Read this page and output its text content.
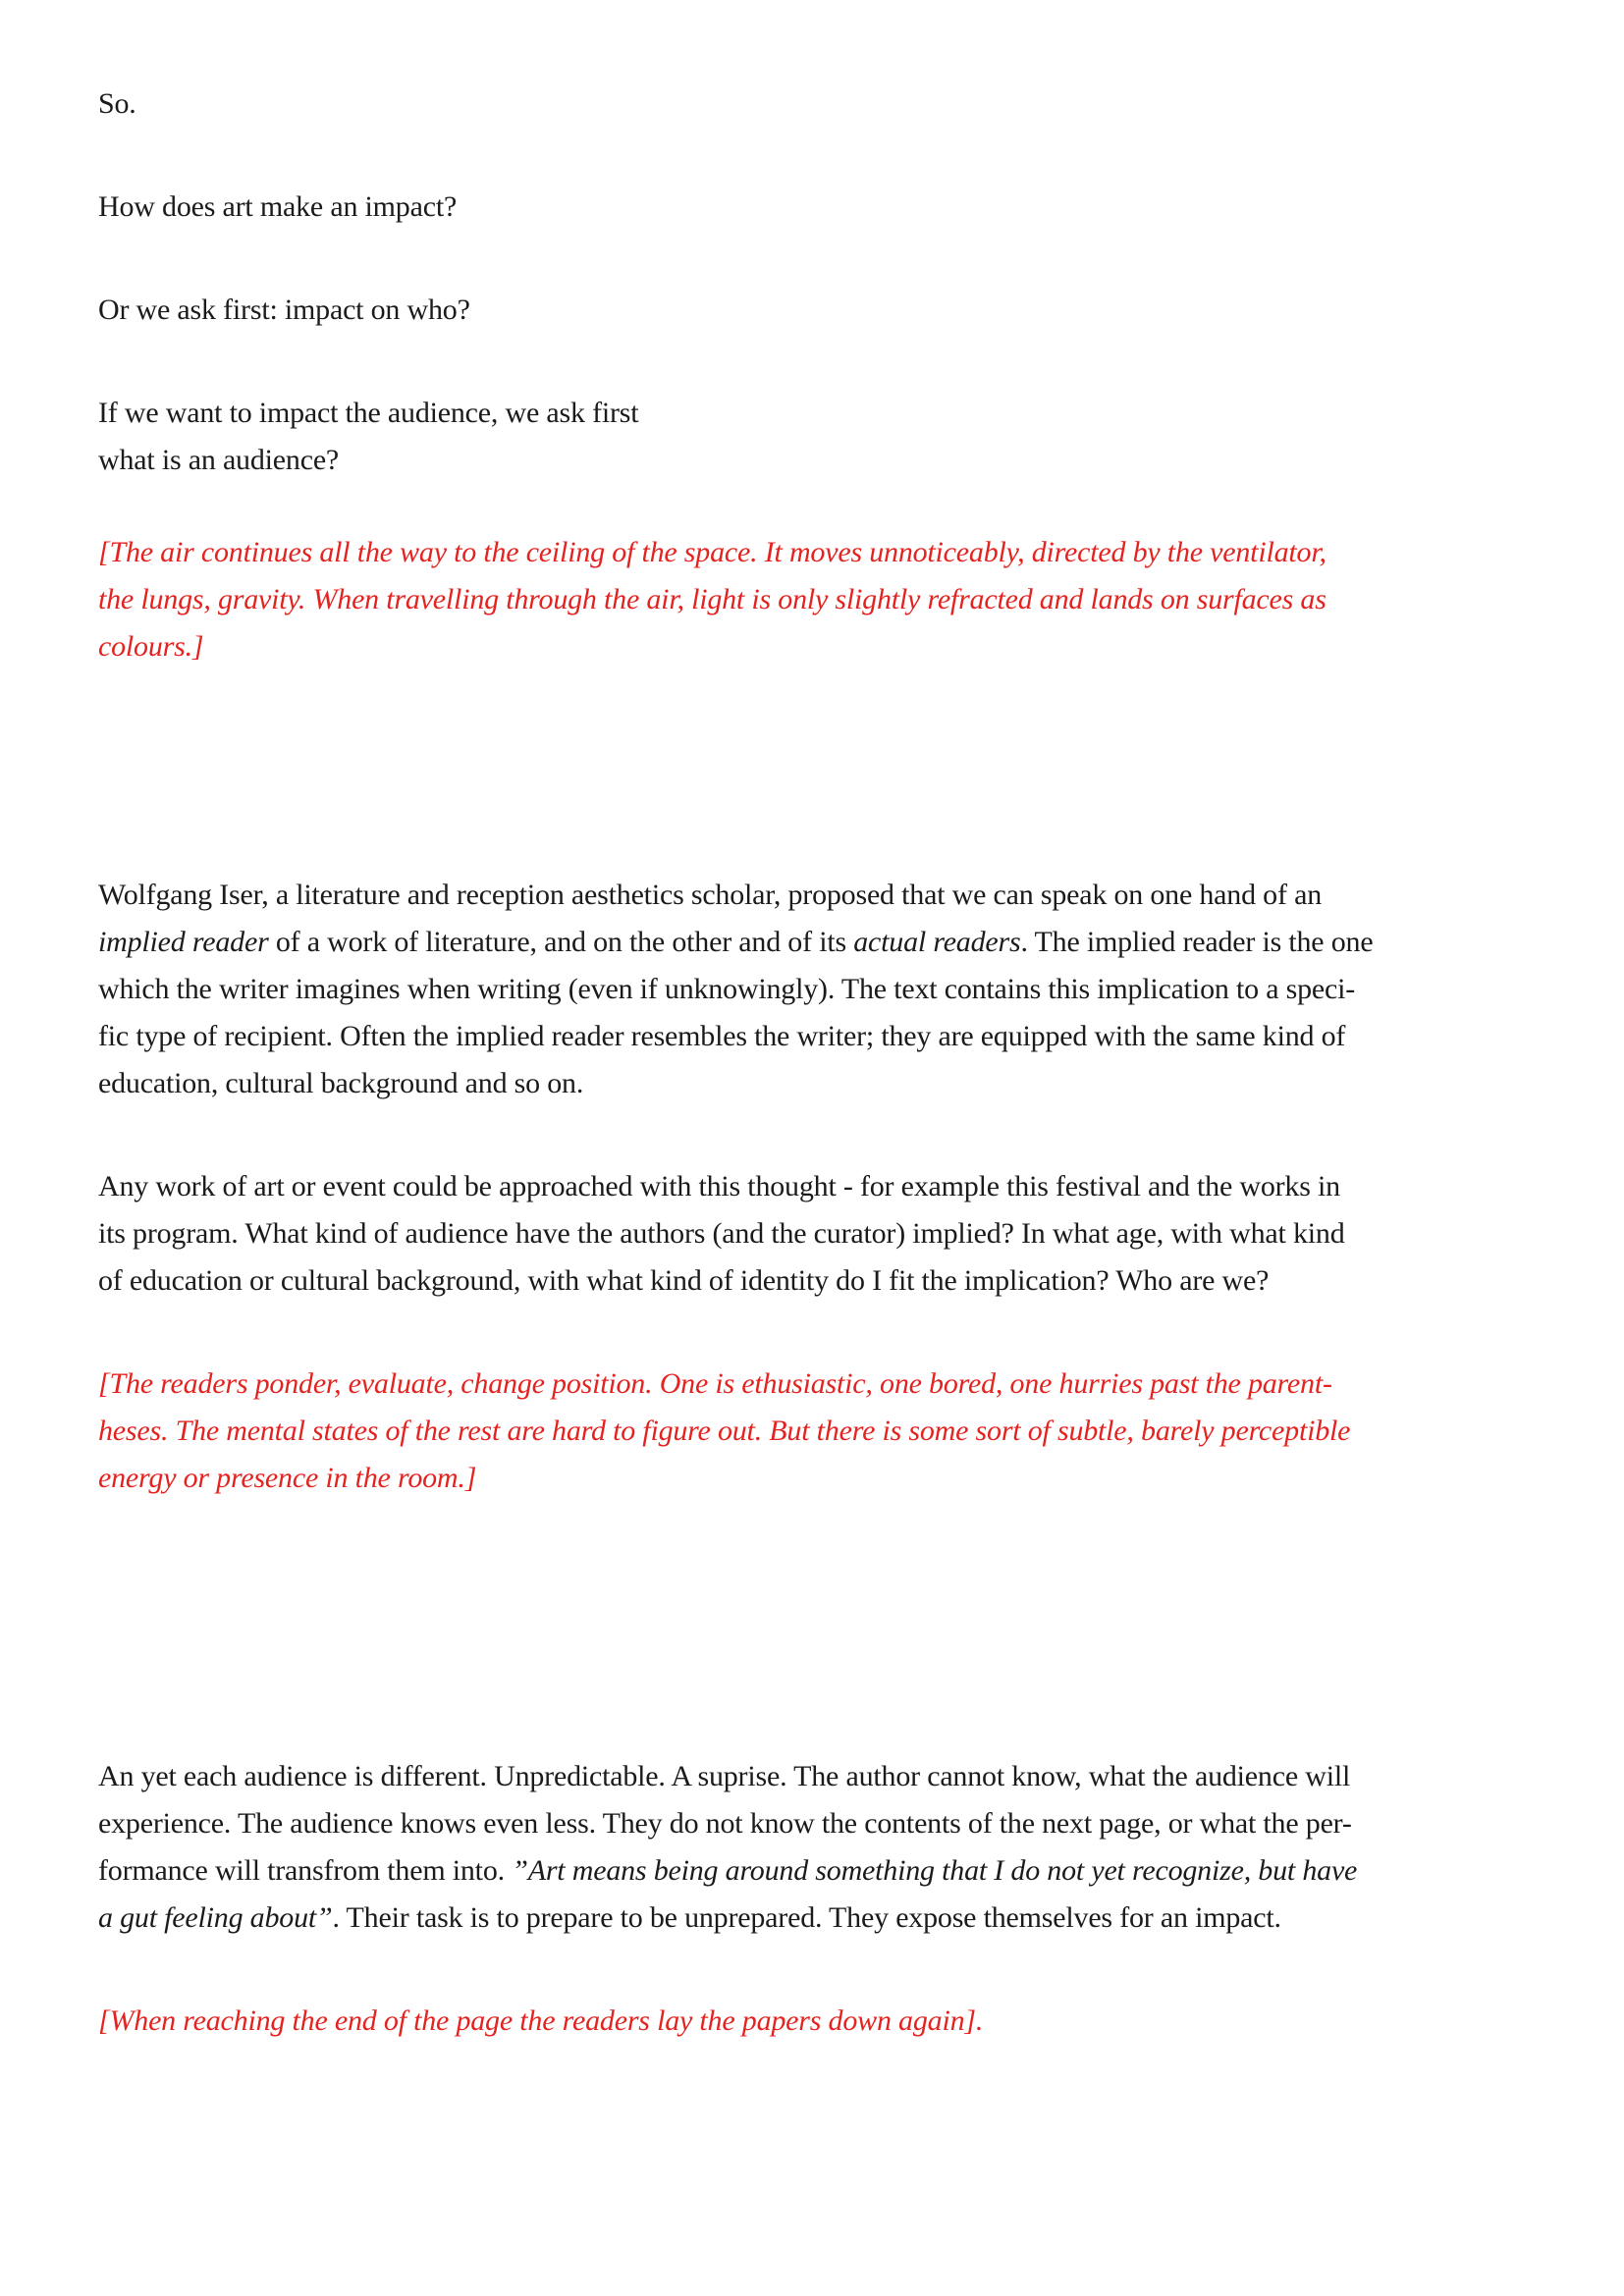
So.

How does art make an impact?

Or we ask first: impact on who?

If we want to impact the audience, we ask first
what is an audience?

[The air continues all the way to the ceiling of the space. It moves unnoticeably, directed by the ventilator,
the lungs, gravity. When travelling through the air, light is only slightly refracted and lands on surfaces as
colours.]

Wolfgang Iser, a literature and reception aesthetics scholar, proposed that we can speak on one hand of an
implied reader of a work of literature, and on the other and of its actual readers. The implied reader is the one
which the writer imagines when writing (even if unknowingly). The text contains this implication to a speci-
fic type of recipient. Often the implied reader resembles the writer; they are equipped with the same kind of
education, cultural background and so on.

Any work of art or event could be approached with this thought - for example this festival and the works in
its program. What kind of audience have the authors (and the curator) implied? In what age, with what kind
of education or cultural background, with what kind of identity do I fit the implication? Who are we?

[The readers ponder, evaluate, change position. One is ethusiastic, one bored, one hurries past the parent-
heses. The mental states of the rest are hard to figure out. But there is some sort of subtle, barely perceptible
energy or presence in the room.]

An yet each audience is different. Unpredictable. A suprise. The author cannot know, what the audience will
experience. The audience knows even less. They do not know the contents of the next page, or what the per-
formance will transfrom them into. ”Art means being around something that I do not yet recognize, but have
a gut feeling about”. Their task is to prepare to be unprepared. They expose themselves for an impact.

[When reaching the end of the page the readers lay the papers down again].
